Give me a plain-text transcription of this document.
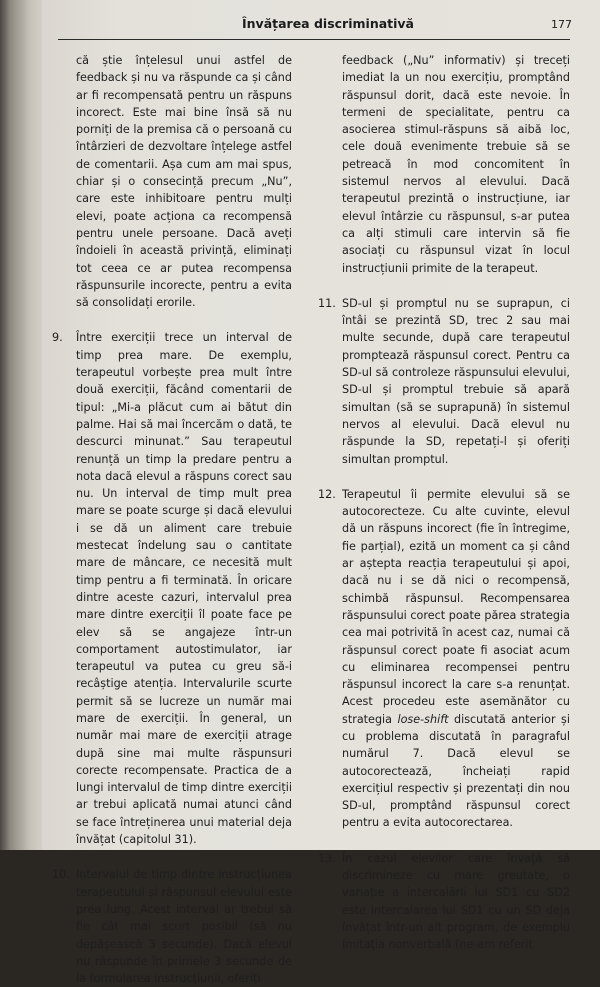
Învățarea discriminativă	177

că știe înțelesul unui astfel de feedback și nu va răspunde ca și când ar fi recompensată pentru un răspuns incorect. Este mai bine însă să nu porniți de la premisa că o persoană cu întârzieri de dezvoltare înțelege astfel de comentarii. Așa cum am mai spus, chiar și o consecință precum „Nu”, care este inhibitoare pentru mulți elevi, poate acționa ca recompensă pentru unele persoane. Dacă aveți îndoieli în această privință, eliminați tot ceea ce ar putea recompensa răspunsurile incorecte, pentru a evita să consolidați erorile.

9. Între exerciții trece un interval de timp prea mare. De exemplu, terapeutul vorbește prea mult între două exerciții, făcând comentarii de tipul: „Mi-a plăcut cum ai bătut din palme. Hai să mai încercăm o dată, te descurci minunat.” Sau terapeutul renunță un timp la predare pentru a nota dacă elevul a răspuns corect sau nu. Un interval de timp mult prea mare se poate scurge și dacă elevului i se dă un aliment care trebuie mestecat îndelung sau o cantitate mare de mâncare, ce necesită mult timp pentru a fi terminată. În oricare dintre aceste cazuri, intervalul prea mare dintre exerciții îl poate face pe elev să se angajeze într-un comportament autostimulator, iar terapeutul va putea cu greu să-i recâștige atenția. Intervalurile scurte permit să se lucreze un număr mai mare de exerciții. În general, un număr mai mare de exerciții atrage după sine mai multe răspunsuri corecte recompensate. Practica de a lungi intervalul de timp dintre exerciții ar trebui aplicată numai atunci când se face întreținerea unui material deja învățat (capitolul 31).

10. Intervalul de timp dintre instrucțiunea terapeutului și răspunsul elevului este prea lung. Acest interval ar trebui să fie cât mai scurt posibil (să nu depășească 3 secunde). Dacă elevul nu răspunde în primele 3 secunde de la formularea instrucțiunii, oferiți

feedback („Nu” informativ) și treceți imediat la un nou exercițiu, promptând răspunsul dorit, dacă este nevoie. În termeni de specialitate, pentru ca asocierea stimul-răspuns să aibă loc, cele două evenimente trebuie să se petreacă în mod concomitent în sistemul nervos al elevului. Dacă terapeutul prezintă o instrucțiune, iar elevul întârzie cu răspunsul, s-ar putea ca alți stimuli care intervin să fie asociați cu răspunsul vizat în locul instrucțiunii primite de la terapeut.

11. SD-ul și promptul nu se suprapun, ci întâi se prezintă SD, trec 2 sau mai multe secunde, după care terapeutul promptează răspunsul corect. Pentru ca SD-ul să controleze răspunsului elevului, SD-ul și promptul trebuie să apară simultan (să se suprapună) în sistemul nervos al elevului. Dacă elevul nu răspunde la SD, repetați-l și oferiți simultan promptul.

12. Terapeutul îi permite elevului să se autocorecteze. Cu alte cuvinte, elevul dă un răspuns incorect (fie în întregime, fie parțial), ezită un moment ca și când ar aștepta reacția terapeutului și apoi, dacă nu i se dă nici o recompensă, schimbă răspunsul. Recompensarea răspunsului corect poate părea strategia cea mai potrivită în acest caz, numai că răspunsul corect poate fi asociat acum cu eliminarea recompensei pentru răspunsul incorect la care s-a renunțat. Acest procedeu este asemănător cu strategia lose-shift discutată anterior și cu problema discutată în paragraful numărul 7. Dacă elevul se autocorectează, încheiați rapid exercițiul respectiv și prezentați din nou SD-ul, promptând răspunsul corect pentru a evita autocorectarea.

13. În cazul elevilor care învață să discrimineze cu mare greutate, o variație a intercalării lui SD1 cu SD2 este intercalarea lui SD1 cu un SD deja învățat într-un alt program, de exemplu Imitația nonverbală (ne-am referit
